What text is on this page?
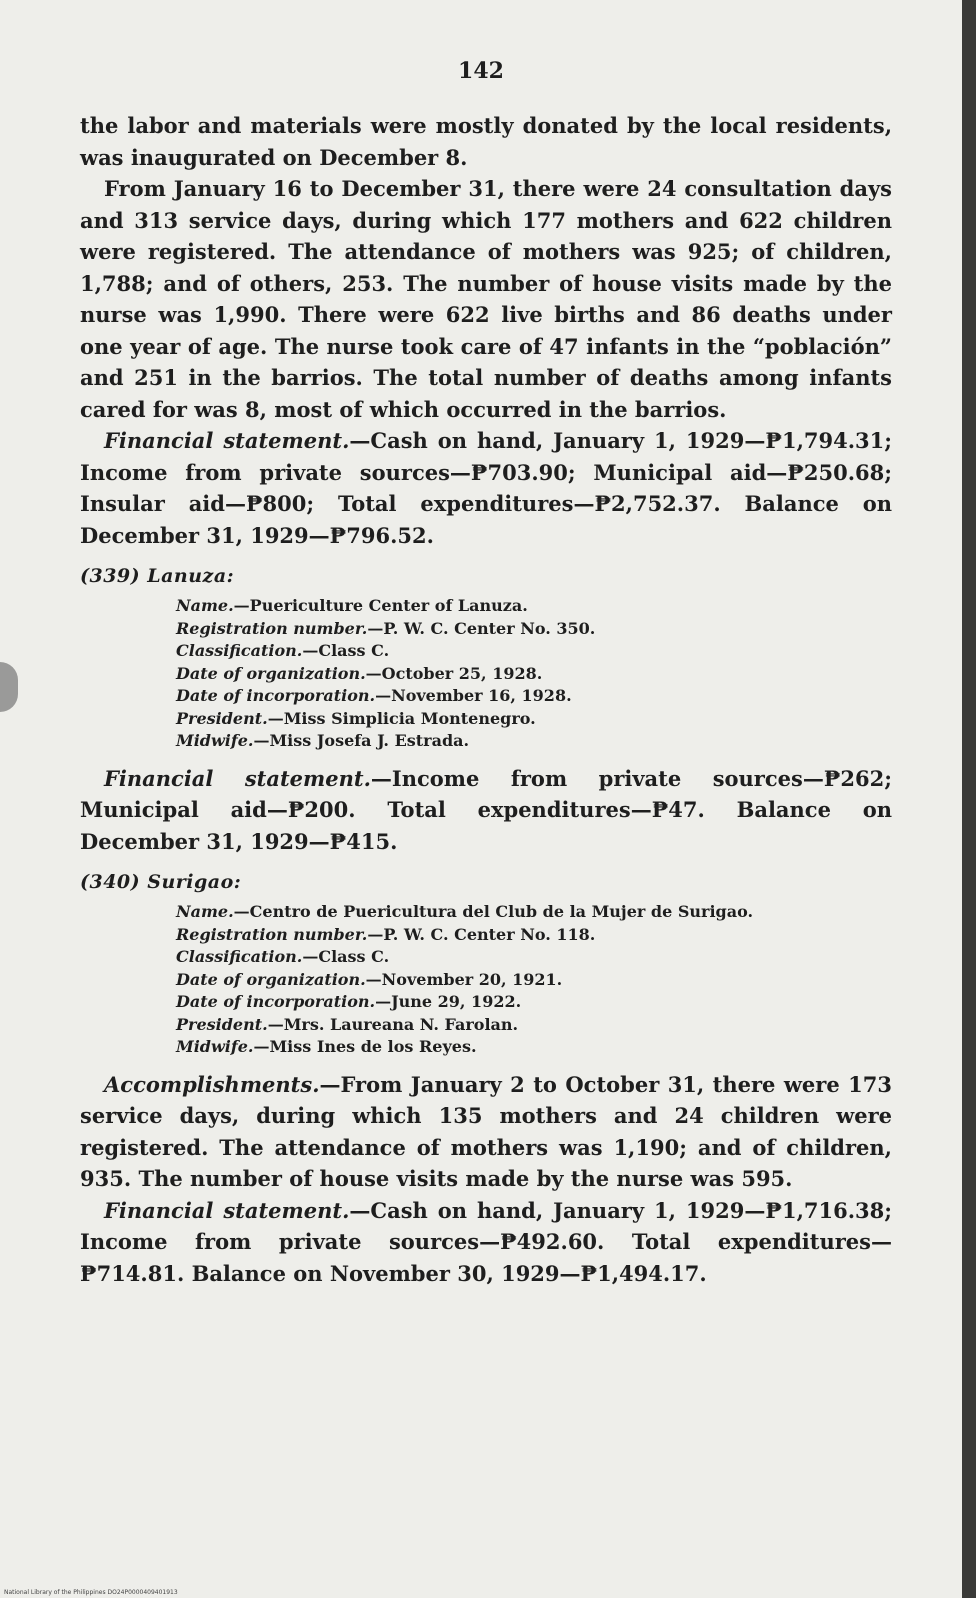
142

the labor and materials were mostly donated by the local residents, was inaugurated on December 8.

From January 16 to December 31, there were 24 consultation days and 313 service days, during which 177 mothers and 622 children were registered. The attendance of mothers was 925; of children, 1,788; and of others, 253. The number of house visits made by the nurse was 1,990. There were 622 live births and 86 deaths under one year of age. The nurse took care of 47 infants in the “población” and 251 in the barrios. The total number of deaths among infants cared for was 8, most of which occurred in the barrios.

Financial statement.—Cash on hand, January 1, 1929—₱1,794.31; Income from private sources—₱703.90; Municipal aid—₱250.68; Insular aid—₱800; Total expenditures—₱2,752.37. Balance on December 31, 1929—₱796.52.

(339) Lanuza:
Name.—Puericulture Center of Lanuza.
Registration number.—P. W. C. Center No. 350.
Classification.—Class C.
Date of organization.—October 25, 1928.
Date of incorporation.—November 16, 1928.
President.—Miss Simplicia Montenegro.
Midwife.—Miss Josefa J. Estrada.

Financial statement.—Income from private sources—₱262; Municipal aid—₱200. Total expenditures—₱47. Balance on December 31, 1929—₱415.

(340) Surigao:
Name.—Centro de Puericultura del Club de la Mujer de Surigao.
Registration number.—P. W. C. Center No. 118.
Classification.—Class C.
Date of organization.—November 20, 1921.
Date of incorporation.—June 29, 1922.
President.—Mrs. Laureana N. Farolan.
Midwife.—Miss Ines de los Reyes.

Accomplishments.—From January 2 to October 31, there were 173 service days, during which 135 mothers and 24 children were registered. The attendance of mothers was 1,190; and of children, 935. The number of house visits made by the nurse was 595.

Financial statement.—Cash on hand, January 1, 1929—₱1,716.38; Income from private sources—₱492.60. Total expenditures—₱714.81. Balance on November 30, 1929—₱1,494.17.

National Library of the Philippines DO24P0000409401913
